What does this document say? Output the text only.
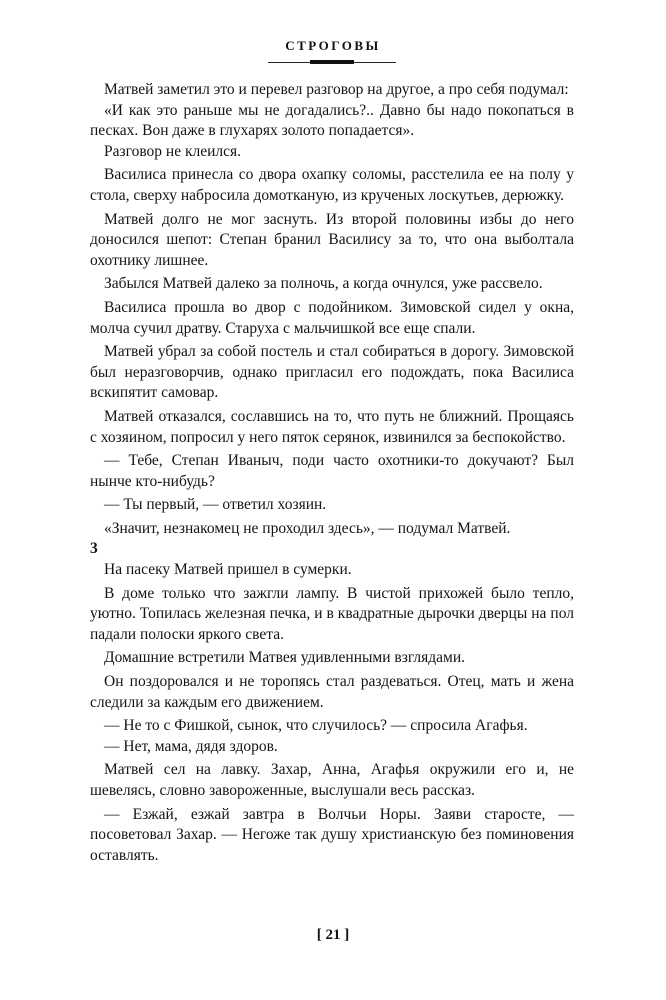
СТРОГОВЫ

Матвей заметил это и перевел разговор на другое, а про себя подумал:

«И как это раньше мы не догадались?.. Давно бы надо покопаться в песках. Вон даже в глухарях золото попадается».

Разговор не клеился.

Василиса принесла со двора охапку соломы, расстелила ее на полу у стола, сверху набросила домотканую, из крученых лоскутьев, дерюжку.

Матвей долго не мог заснуть. Из второй половины избы до него доносился шепот: Степан бранил Василису за то, что она выболтала охотнику лишнее.

Забылся Матвей далеко за полночь, а когда очнулся, уже рассвело.

Василиса прошла во двор с подойником. Зимовской сидел у окна, молча сучил дратву. Старуха с мальчишкой все еще спали.

Матвей убрал за собой постель и стал собираться в дорогу. Зимовской был неразговорчив, однако пригласил его подождать, пока Василиса вскипятит самовар.

Матвей отказался, сославшись на то, что путь не ближний. Прощаясь с хозяином, попросил у него пяток серянок, извинился за беспокойство.

— Тебе, Степан Иваныч, поди часто охотники-то докучают? Был нынче кто-нибудь?

— Ты первый, — ответил хозяин.

«Значит, незнакомец не проходил здесь», — подумал Матвей.

3

На пасеку Матвей пришел в сумерки.

В доме только что зажгли лампу. В чистой прихожей было тепло, уютно. Топилась железная печка, и в квадратные дырочки дверцы на пол падали полоски яркого света.

Домашние встретили Матвея удивленными взглядами.

Он поздоровался и не торопясь стал раздеваться. Отец, мать и жена следили за каждым его движением.

— Не то с Фишкой, сынок, что случилось? — спросила Агафья.

— Нет, мама, дядя здоров.

Матвей сел на лавку. Захар, Анна, Агафья окружили его и, не шевелясь, словно завороженные, выслушали весь рассказ.

— Езжай, езжай завтра в Волчьи Норы. Заяви старосте, — посоветовал Захар. — Негоже так душу христианскую без поминовения оставлять.

[ 21 ]
